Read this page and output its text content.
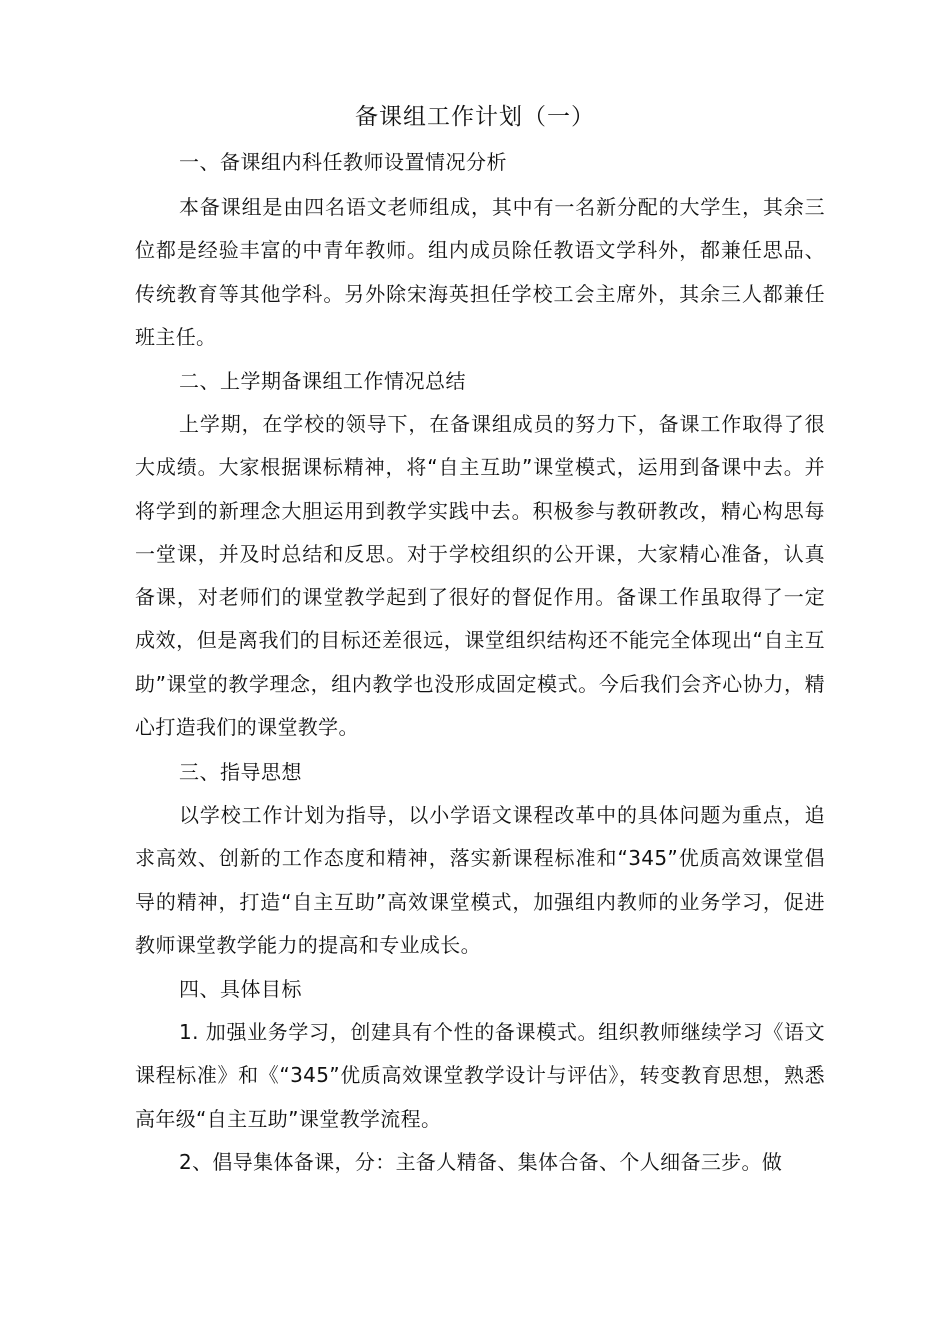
备课组工作计划（一）
一、备课组内科任教师设置情况分析
本备课组是由四名语文老师组成，其中有一名新分配的大学生，其余三位都是经验丰富的中青年教师。组内成员除任教语文学科外，都兼任思品、传统教育等其他学科。另外除宋海英担任学校工会主席外，其余三人都兼任班主任。
二、上学期备课组工作情况总结
上学期，在学校的领导下，在备课组成员的努力下，备课工作取得了很大成绩。大家根据课标精神，将“自主互助”课堂模式，运用到备课中去。并将学到的新理念大胆运用到教学实践中去。积极参与教研教改，精心构思每一堂课，并及时总结和反思。对于学校组织的公开课，大家精心准备，认真备课，对老师们的课堂教学起到了很好的督促作用。备课工作虽取得了一定成效，但是离我们的目标还差很远，课堂组织结构还不能完全体现出“自主互助”课堂的教学理念，组内教学也没形成固定模式。今后我们会齐心协力，精心打造我们的课堂教学。
三、指导思想
以学校工作计划为指导，以小学语文课程改革中的具体问题为重点，追求高效、创新的工作态度和精神，落实新课程标准和“345”优质高效课堂倡导的精神，打造“自主互助”高效课堂模式，加强组内教师的业务学习，促进教师课堂教学能力的提高和专业成长。
四、具体目标
1. 加强业务学习，创建具有个性的备课模式。组织教师继续学习《语文课程标准》和《“345”优质高效课堂教学设计与评估》，转变教育思想，熟悉高年级“自主互助”课堂教学流程。
2、倡导集体备课，分：主备人精备、集体合备、个人细备三步。做
